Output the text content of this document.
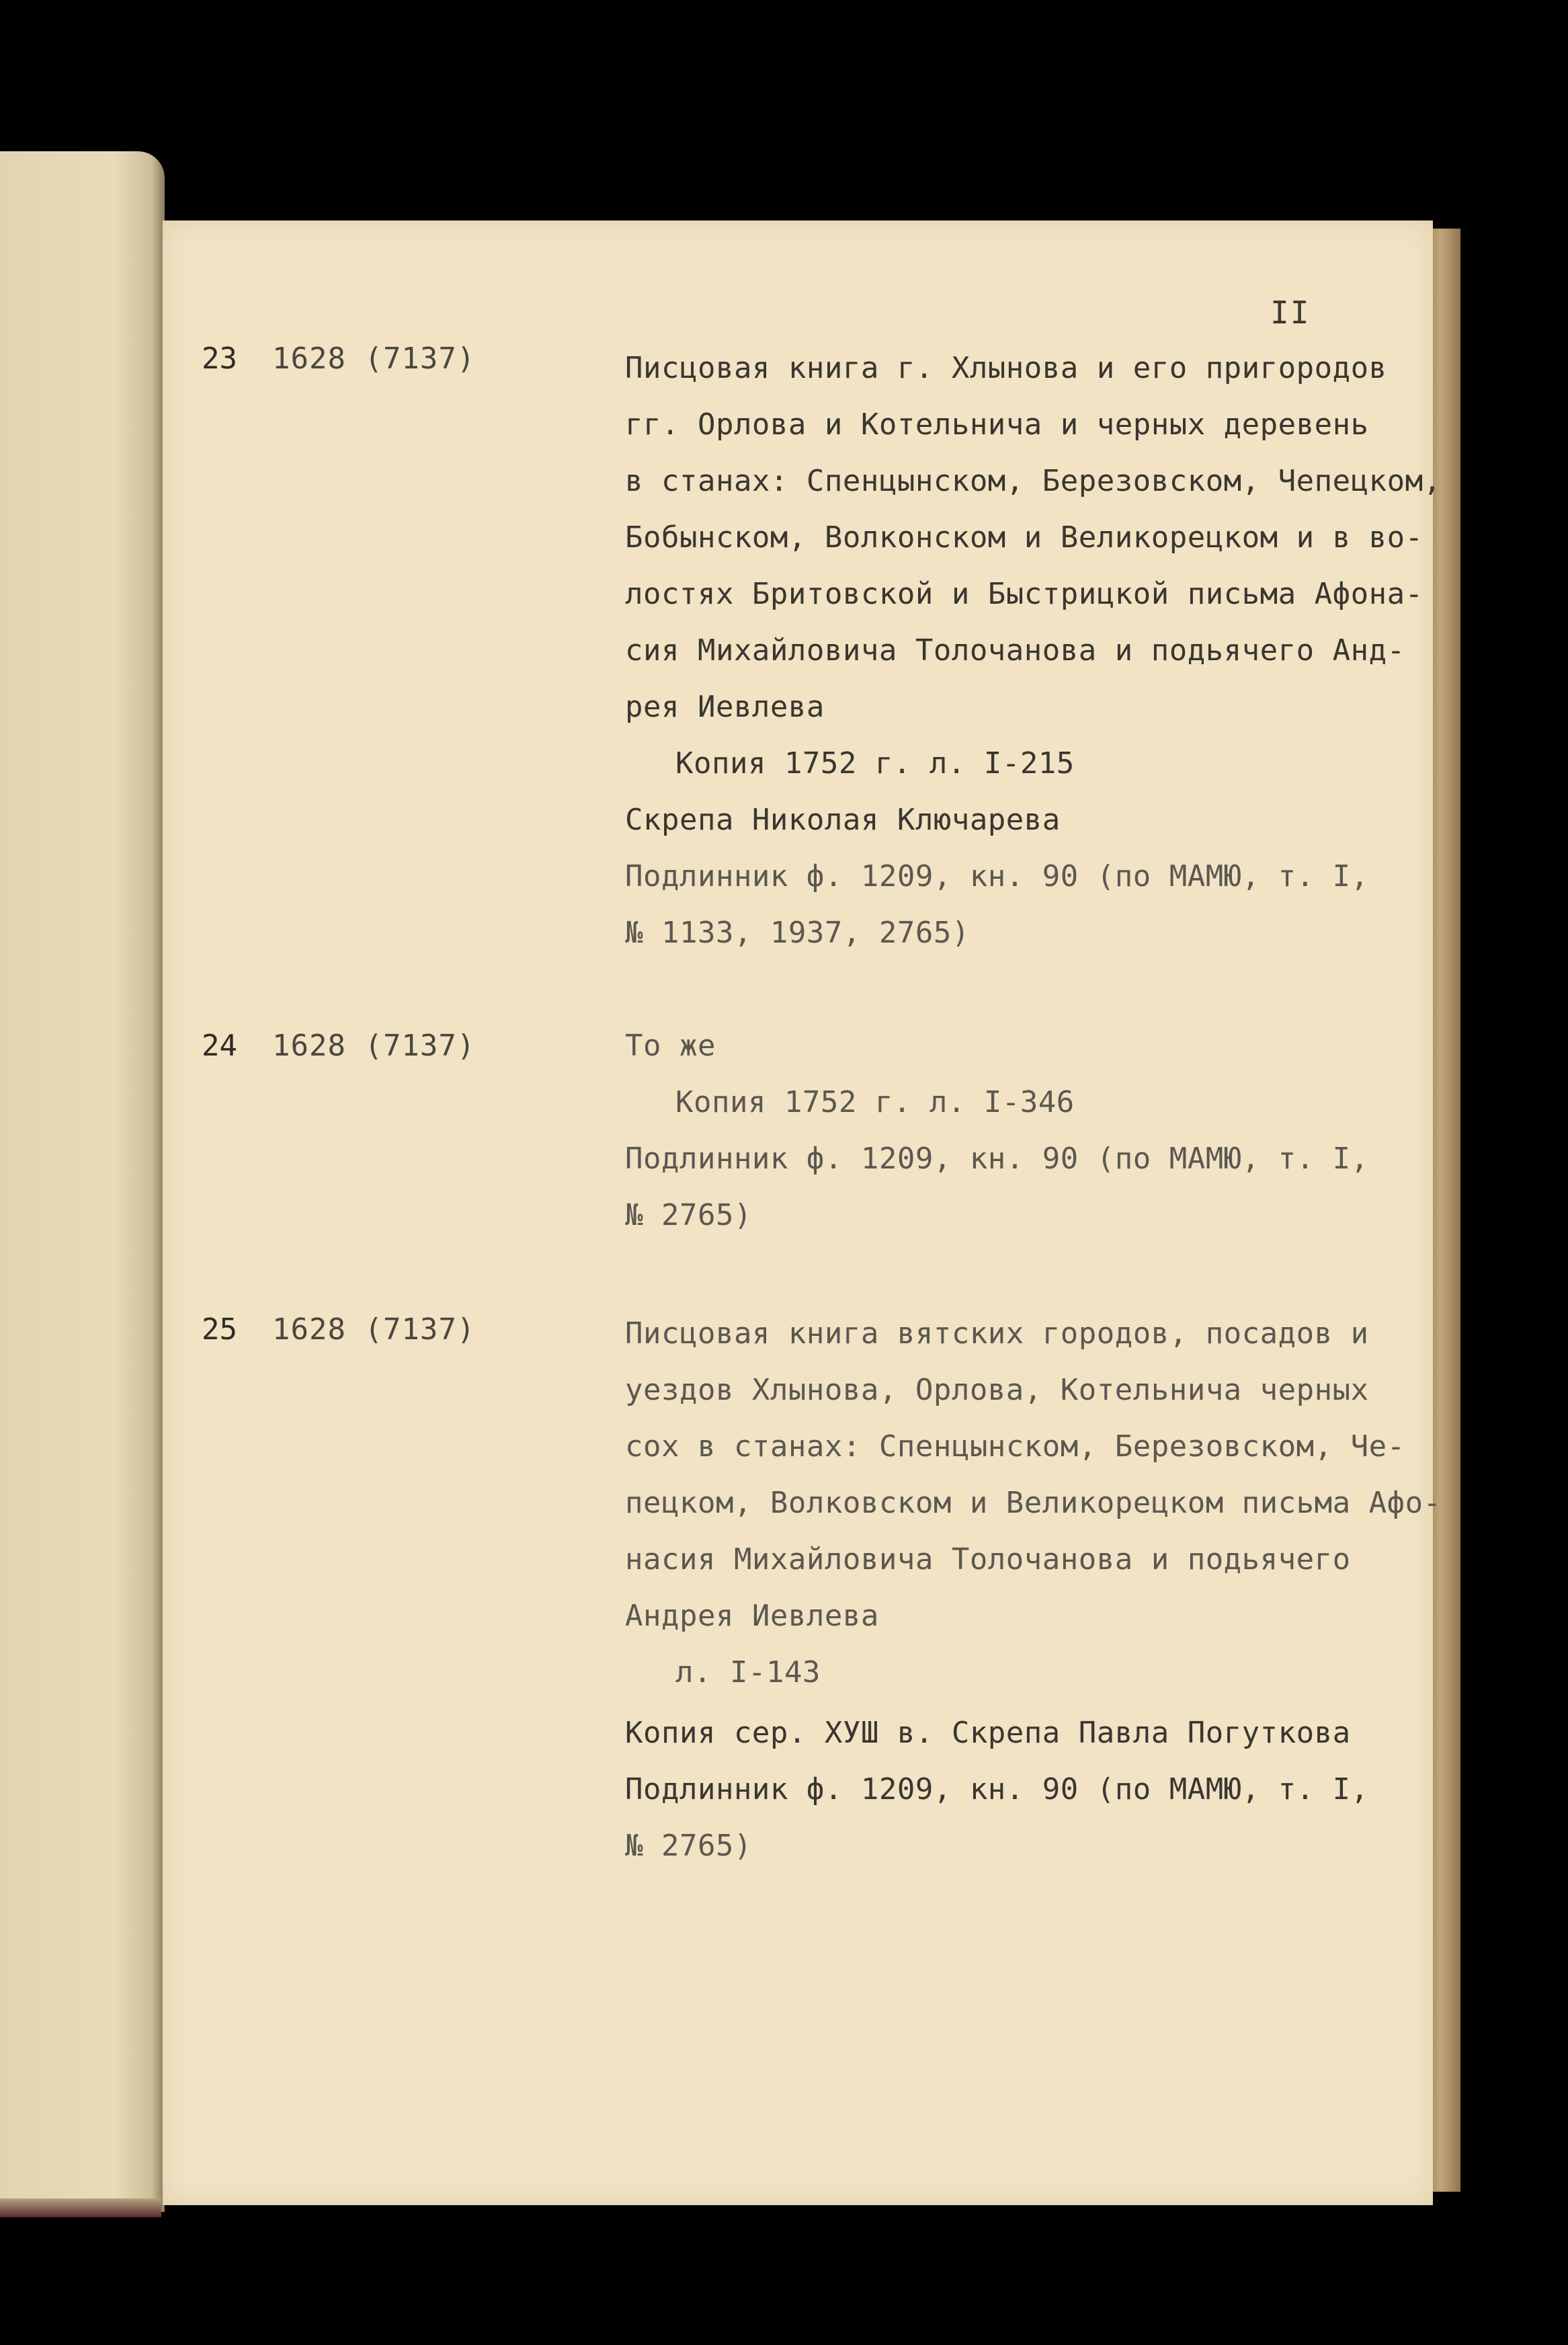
II
23 1628 (7137)	Писцовая книга г. Хлынова и его пригородов
гг. Орлова и Котельнича и черных деревень
в станах: Спенцынском, Березовском, Чепецком,
Бобынском, Волконском и Великорецком и в во-
лостях Бритовской и Быстрицкой письма Афона-
сия Михайловича Толочанова и подьячего Анд-
рея Иевлева
Копия 1752 г. л. I-215
Скрепа Николая Ключарева
Подлинник ф. 1209, кн. 90 (по МАМЮ, т. I,
№ 1133, 1937, 2765)
24 1628 (7137)	То же
Копия 1752 г. л. I-346
Подлинник ф. 1209, кн. 90 (по МАМЮ, т. I,
№ 2765)
25 1628 (7137)	Писцовая книга вятских городов, посадов и
уездов Хлынова, Орлова, Котельнича черных
сох в станах: Спенцынском, Березовском, Че-
пецком, Волковском и Великорецком письма Афо-
насия Михайловича Толочанова и подьячего
Андрея Иевлева
л. I-143
Копия сер. ХУШ в. Скрепа Павла Погуткова
Подлинник ф. 1209, кн. 90 (по МАМЮ, т. I,
№ 2765)
